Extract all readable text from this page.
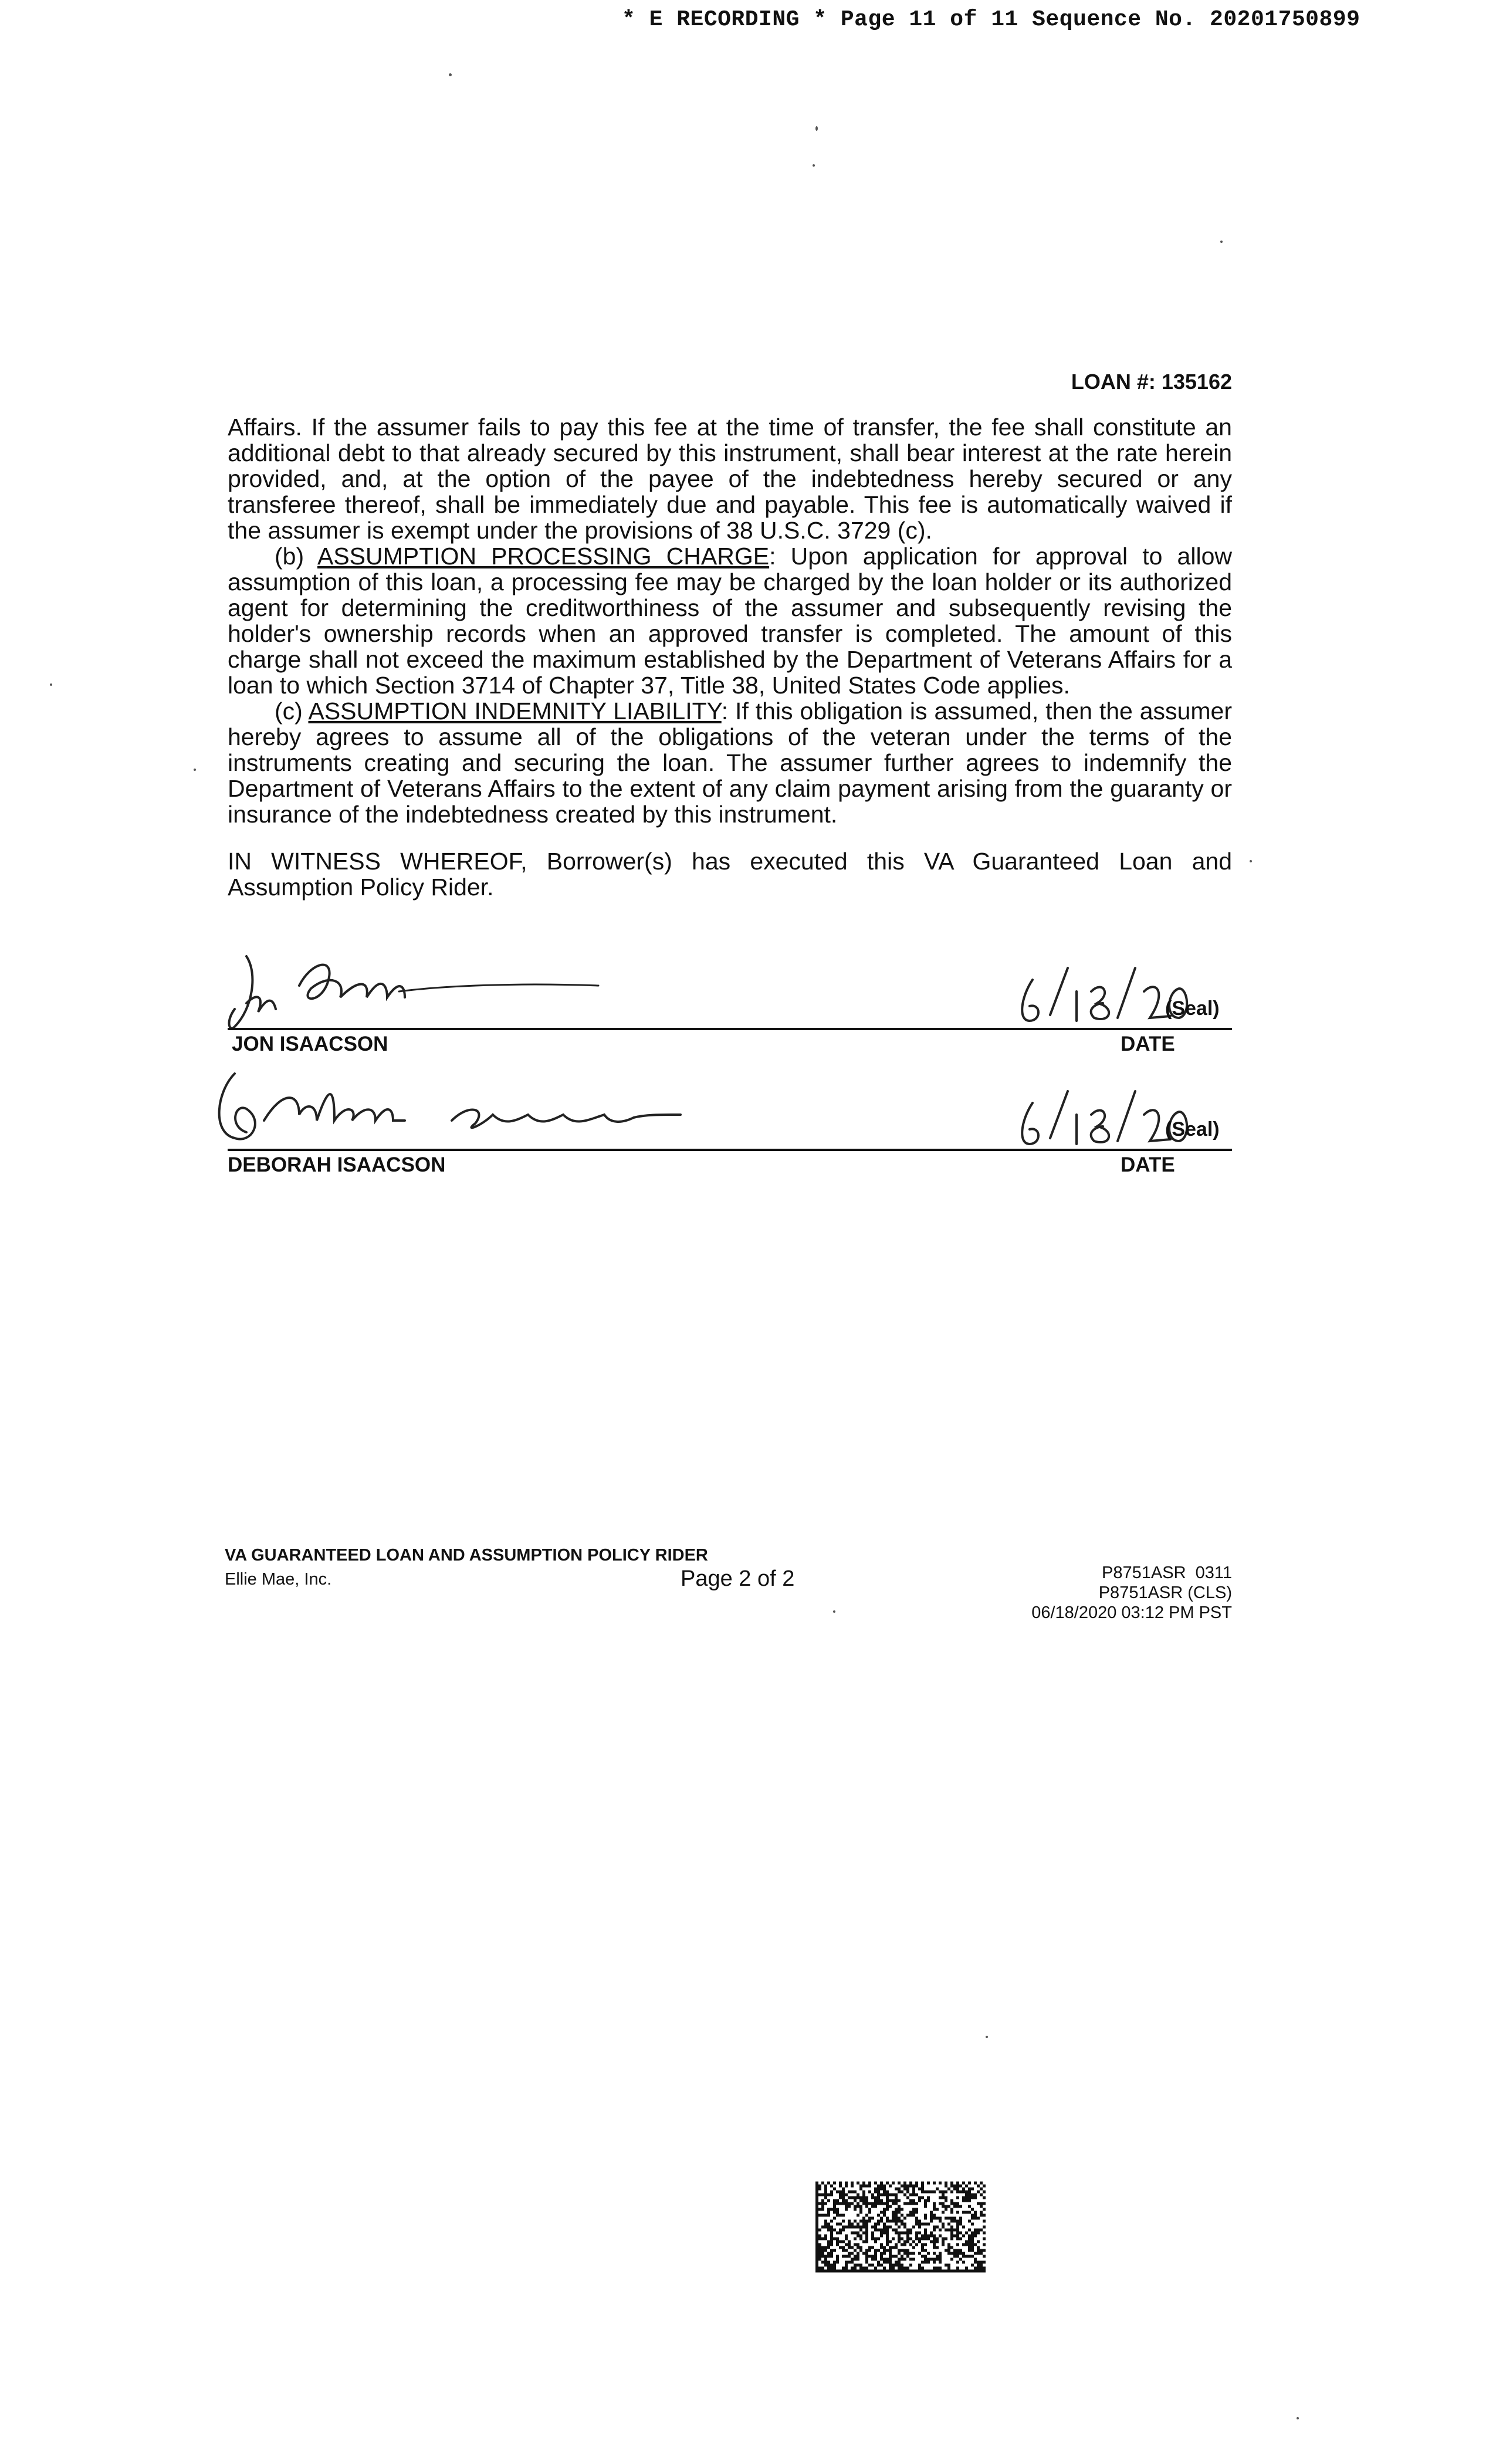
* E RECORDING * Page 11 of 11 Sequence No. 20201750899
LOAN #: 135162

Affairs. If the assumer fails to pay this fee at the time of transfer, the fee shall constitute an additional debt to that already secured by this instrument, shall bear interest at the rate herein provided, and, at the option of the payee of the indebtedness hereby secured or any transferee thereof, shall be immediately due and payable. This fee is automatically waived if the assumer is exempt under the provisions of 38 U.S.C. 3729 (c).

(b) ASSUMPTION PROCESSING CHARGE: Upon application for approval to allow assumption of this loan, a processing fee may be charged by the loan holder or its authorized agent for determining the creditworthiness of the assumer and subsequently revising the holder's ownership records when an approved transfer is completed. The amount of this charge shall not exceed the maximum established by the Department of Veterans Affairs for a loan to which Section 3714 of Chapter 37, Title 38, United States Code applies.

(c) ASSUMPTION INDEMNITY LIABILITY: If this obligation is assumed, then the assumer hereby agrees to assume all of the obligations of the veteran under the terms of the instruments creating and securing the loan. The assumer further agrees to indemnify the Department of Veterans Affairs to the extent of any claim payment arising from the guaranty or insurance of the indebtedness created by this instrument.

IN WITNESS WHEREOF, Borrower(s) has executed this VA Guaranteed Loan and Assumption Policy Rider.
(Seal)
JON ISAACSON	DATE
(Seal)
DEBORAH ISAACSON	DATE
VA GUARANTEED LOAN AND ASSUMPTION POLICY RIDER
Ellie Mae, Inc.	Page 2 of 2	P8751ASR  0311
P8751ASR (CLS)
06/18/2020 03:12 PM PST
